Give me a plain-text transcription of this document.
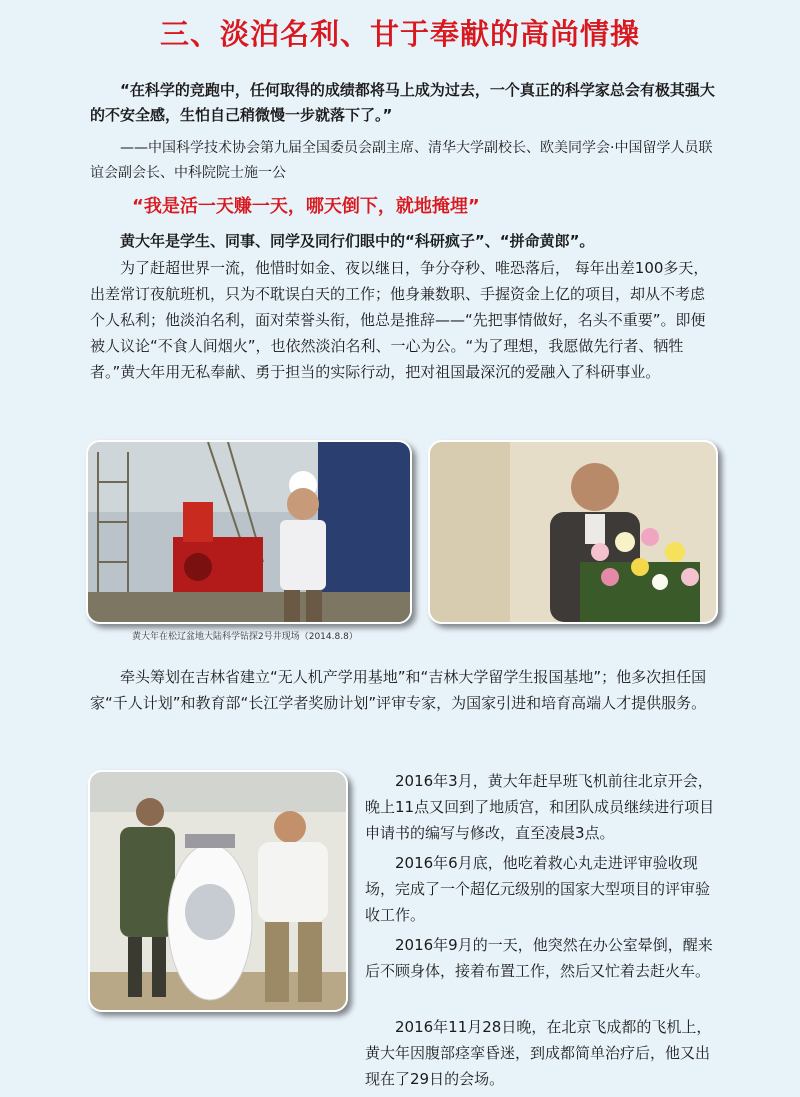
三、淡泊名利、甘于奉献的高尚情操
“在科学的竞跑中，任何取得的成绩都将马上成为过去，一个真正的科学家总会有极其强大的不安全感，生怕自己稍微慢一步就落下了。”
——中国科学技术协会第九届全国委员会副主席、清华大学副校长、欧美同学会·中国留学人员联谊会副会长、中科院院士施一公
“我是活一天赚一天，哪天倒下，就地掩埋”

黄大年是学生、同事、同学及同行们眼中的“科研疯子”、“拼命黄郎”。

为了赶超世界一流，他惜时如金、夜以继日，争分夺秒、唯恐落后， 每年出差100多天，出差常订夜航班机，只为不耽误白天的工作；他身兼数职、手握资金上亿的项目，却从不考虑个人私利；他淡泊名利，面对荣誉头衔，他总是推辞——“先把事情做好，名头不重要”。即便被人议论“不食人间烟火”，也依然淡泊名利、一心为公。“为了理想，我愿做先行者、牺牲者。”黄大年用无私奉献、勇于担当的实际行动，把对祖国最深沉的爱融入了科研事业。

黄大年在松辽盆地大陆科学钻探2号井现场（2014.8.8）

牵头筹划在吉林省建立“无人机产学用基地”和“吉林大学留学生报国基地”；他多次担任国家“千人计划”和教育部“长江学者奖励计划”评审专家，为国家引进和培育高端人才提供服务。

2016年3月，黄大年赶早班飞机前往北京开会，晚上11点又回到了地质宫，和团队成员继续进行项目申请书的编写与修改，直至凌晨3点。

2016年6月底，他吃着救心丸走进评审验收现场，完成了一个超亿元级别的国家大型项目的评审验收工作。

2016年9月的一天，他突然在办公室晕倒，醒来后不顾身体，接着布置工作，然后又忙着去赶火车。

2016年11月28日晚，在北京飞成都的飞机上，黄大年因腹部痉挛昏迷，到成都简单治疗后，他又出现在了29日的会场。
